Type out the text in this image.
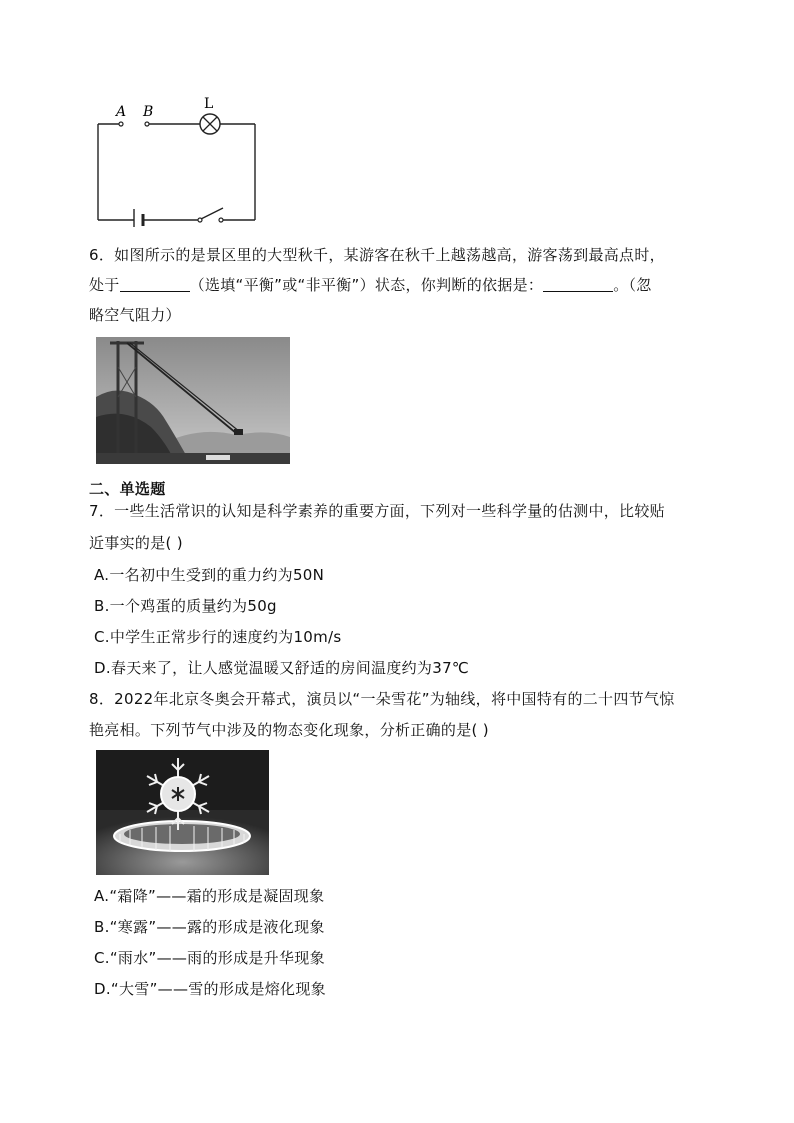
A B	L
6．如图所示的是景区里的大型秋千，某游客在秋千上越荡越高，游客荡到最高点时，
处于	（选填“平衡”或“非平衡”）状态，你判断的依据是：	。（忽
略空气阻力）
二、单选题
7．一些生活常识的认知是科学素养的重要方面，下列对一些科学量的估测中，比较贴
近事实的是( )
A.一名初中生受到的重力约为50N
B.一个鸡蛋的质量约为50g
C.中学生正常步行的速度约为10m/s
D.春天来了，让人感觉温暖又舒适的房间温度约为37℃
8．2022年北京冬奥会开幕式，演员以“一朵雪花”为轴线，将中国特有的二十四节气惊
艳亮相。下列节气中涉及的物态变化现象，分析正确的是( )
A.“霜降”——霜的形成是凝固现象
B.“寒露”——露的形成是液化现象
C.“雨水”——雨的形成是升华现象
D.“大雪”——雪的形成是熔化现象
